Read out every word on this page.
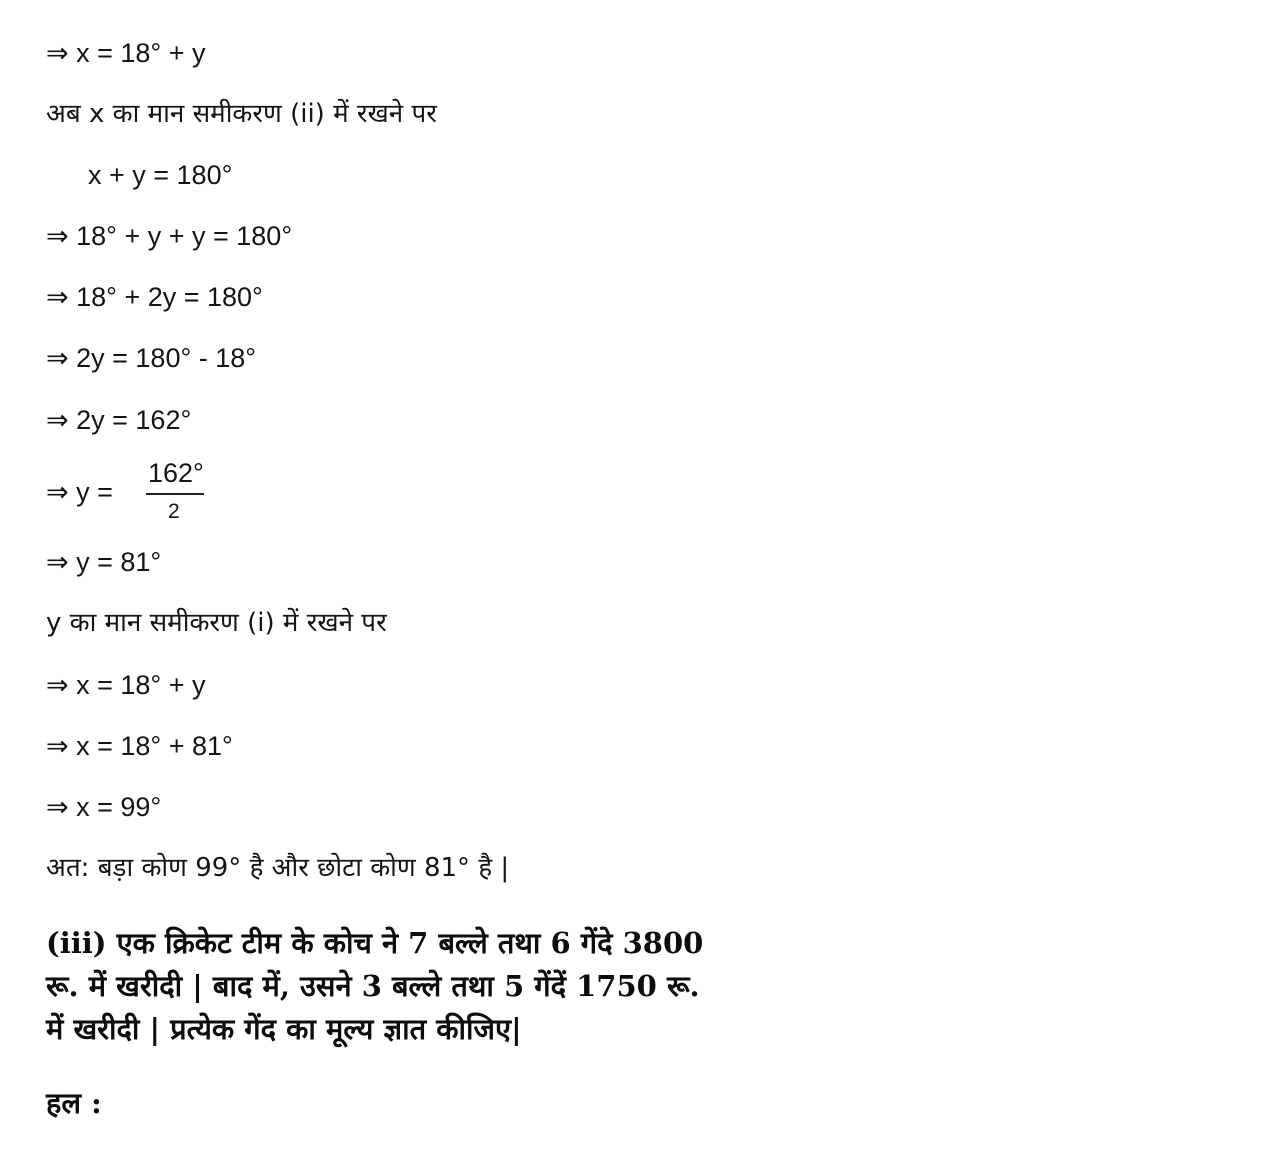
⇒ x = 18° + y
अब x का मान समीकरण (ii) में रखने पर
x + y = 180°
⇒ 18° + y + y = 180°
⇒ 18° + 2y = 180°
⇒ 2y = 180° - 18°
⇒ 2y = 162°
⇒ y =
162°
2
⇒ y = 81°
y का मान समीकरण (i) में रखने पर
⇒ x = 18° + y
⇒ x = 18° + 81°
⇒ x = 99°
अत: बड़ा कोण 99° है और छोटा कोण 81° है |
(iii) एक क्रिकेट टीम के कोच ने 7 बल्ले तथा 6 गेंदे 3800
रू. में खरीदी | बाद में, उसने 3 बल्ले तथा 5 गेंदें 1750 रू.
में खरीदी | प्रत्येक गेंद का मूल्य ज्ञात कीजिए|
हल :
